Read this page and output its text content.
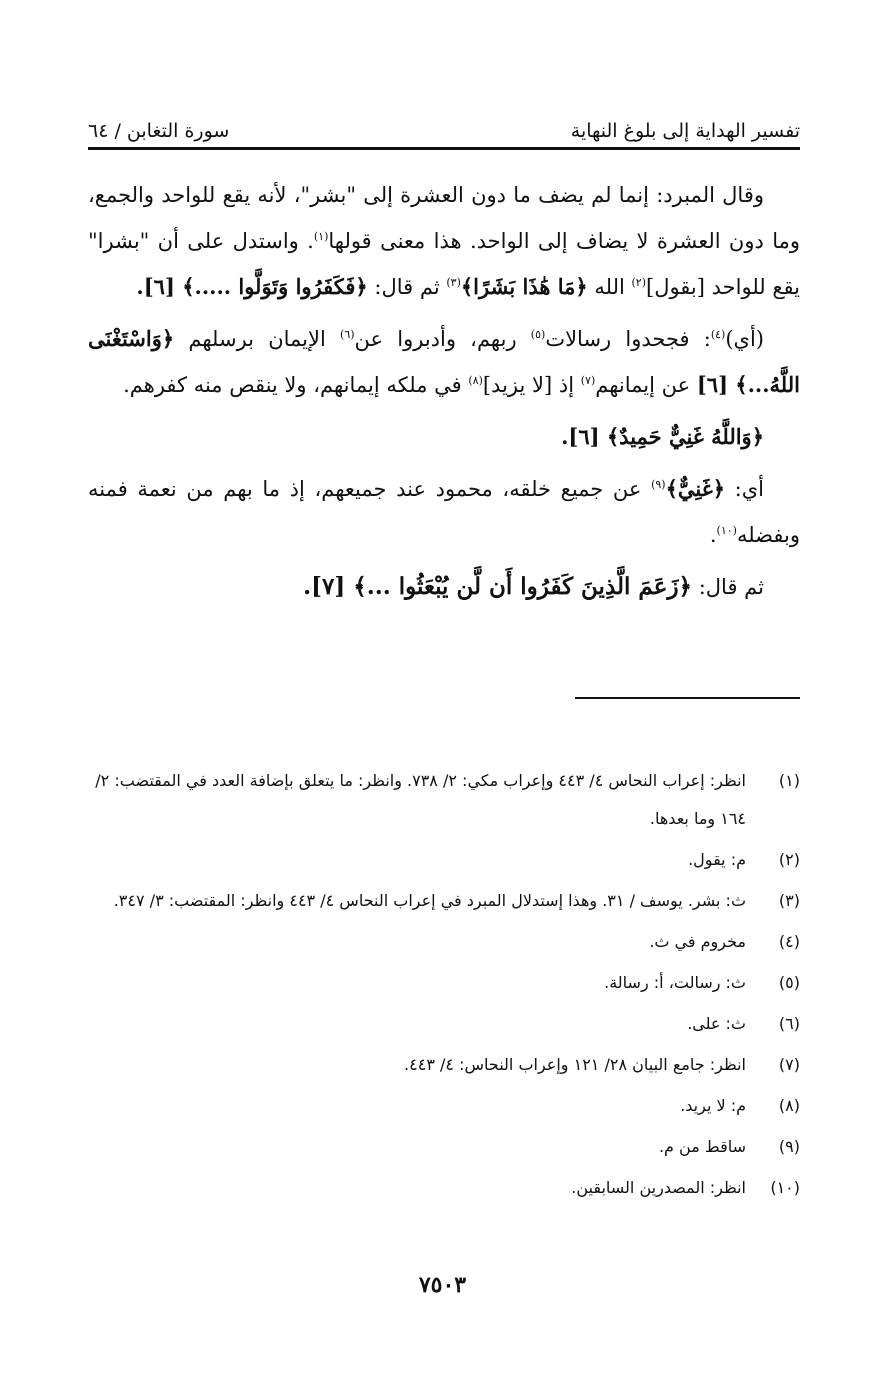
تفسير الهداية إلى بلوغ النهاية
سورة التغابن / ٦٤

وقال المبرد: إنما لم يضف ما دون العشرة إلى "بشر"، لأنه يقع للواحد والجمع، وما دون العشرة لا يضاف إلى الواحد. هذا معنى قولها$^{(١)}$. واستدل على أن "بشرا" يقع للواحد [بقول]$^{(٢)}$ الله ﴿مَا هَٰذَا بَشَرًا﴾$^{(٣)}$ ثم قال: ﴿فَكَفَرُوا وَتَوَلَّوا .....﴾ [٦].

(أي)$^{(٤)}$: فجحدوا رسالات$^{(٥)}$ ربهم، وأدبروا عن$^{(٦)}$ الإيمان برسلهم ﴿وَاسْتَغْنَى اللَّهُ...﴾ [٦] عن إيمانهم$^{(٧)}$ إذ [لا يزيد]$^{(٨)}$ في ملكه إيمانهم، ولا ينقص منه كفرهم.

﴿وَاللَّهُ غَنِيٌّ حَمِيدٌ﴾ [٦].

أي: ﴿غَنِيٌّ﴾$^{(٩)}$ عن جميع خلقه، محمود عند جميعهم، إذ ما بهم من نعمة فمنه وبفضله$^{(١٠)}$.

ثم قال: ﴿زَعَمَ الَّذِينَ كَفَرُوا أَن لَّن يُبْعَثُوا ...﴾ [٧].

(١)
انظر: إعراب النحاس ٤/ ٤٤٣ وإعراب مكي: ٢/ ٧٣٨. وانظر: ما يتعلق بإضافة العدد في المقتضب: ٢/ ١٦٤ وما بعدها.
(٢)
م: يقول.
(٣)
ث: بشر. يوسف / ٣١. وهذا إستدلال المبرد في إعراب النحاس ٤/ ٤٤٣ وانظر: المقتضب: ٣/ ٣٤٧.
(٤)
مخروم في ث.
(٥)
ث: رسالت، أ: رسالة.
(٦)
ث: على.
(٧)
انظر: جامع البيان ٢٨/ ١٢١ وإعراب النحاس: ٤/ ٤٤٣.
(٨)
م: لا يريد.
(٩)
ساقط من م.
(١٠)
انظر: المصدرين السابقين.
٧٥٠٣
